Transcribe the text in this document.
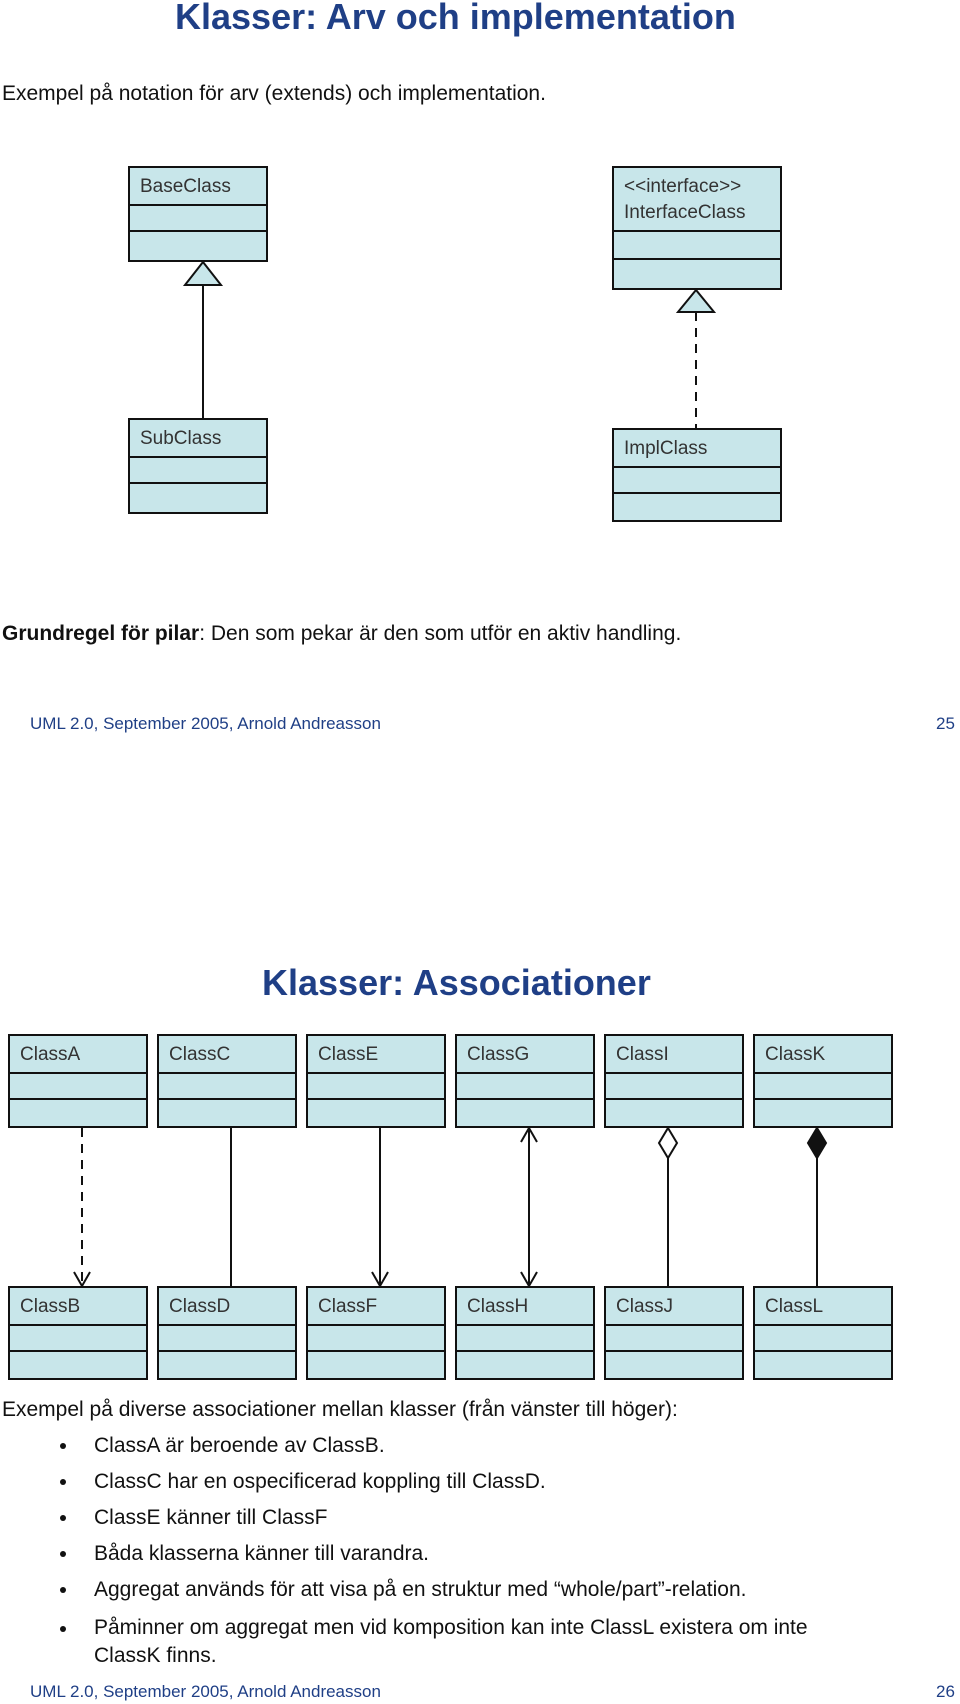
Klasser: Arv och implementation
Exempel på notation för arv (extends) och implementation.
BaseClass	<<interface>>
InterfaceClass
SubClass	ImplClass
Grundregel för pilar: Den som pekar är den som utför en aktiv handling.
UML 2.0, September 2005, Arnold Andreasson	25
Klasser: Associationer
ClassA	ClassC	ClassE	ClassG	ClassI	ClassK
ClassB	ClassD	ClassF	ClassH	ClassJ	ClassL
Exempel på diverse associationer mellan klasser (från vänster till höger):
ClassA är beroende av ClassB.
ClassC har en ospecificerad koppling till ClassD.
ClassE känner till ClassF
Båda klasserna känner till varandra.
Aggregat används för att visa på en struktur med “whole/part”-relation.
Påminner om aggregat men vid komposition kan inte ClassL existera om inte
ClassK finns.
UML 2.0, September 2005, Arnold Andreasson	26
